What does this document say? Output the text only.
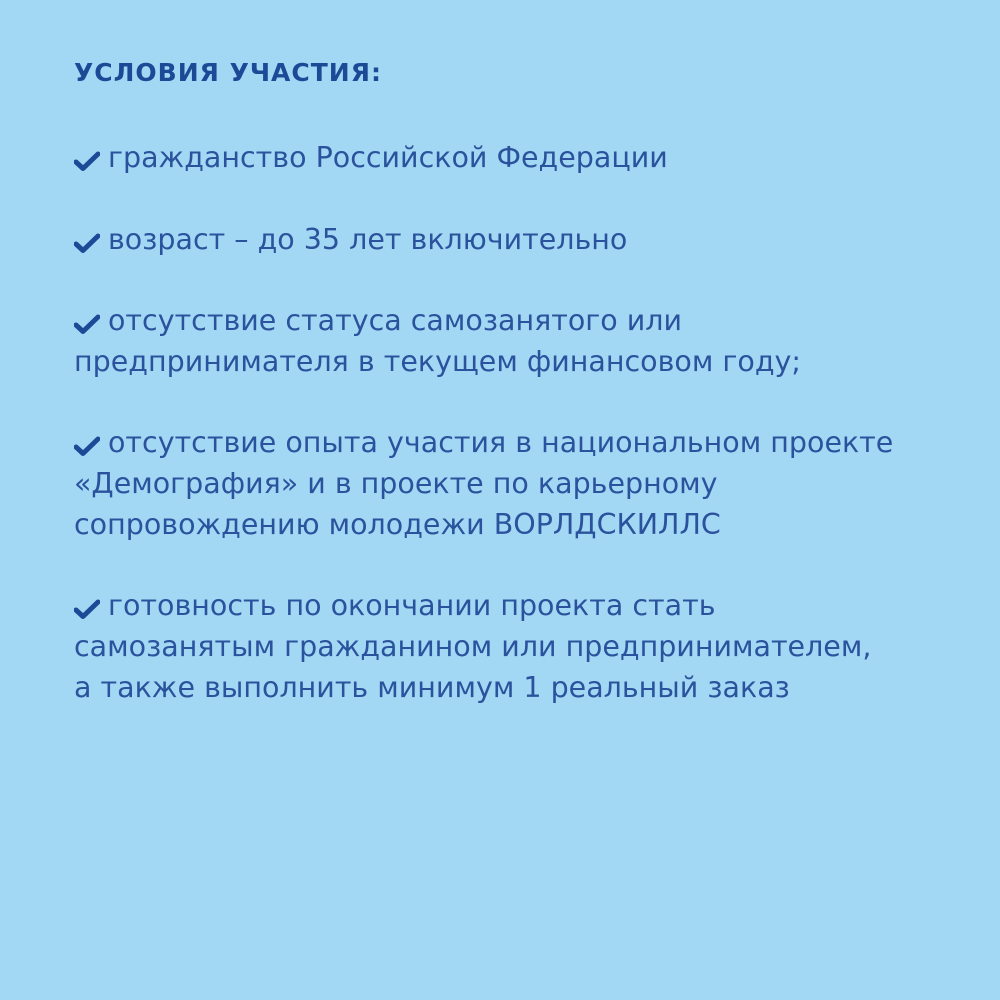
УСЛОВИЯ УЧАСТИЯ:

гражданство Российской Федерации

возраст – до 35 лет включительно

отсутствие статуса самозанятого или
предпринимателя в текущем финансовом году;

отсутствие опыта участия в национальном проекте
«Демография» и в проекте по карьерному
сопровождению молодежи ВОРЛДСКИЛЛС

готовность по окончании проекта стать
самозанятым гражданином или предпринимателем,
а также выполнить минимум 1 реальный заказ
